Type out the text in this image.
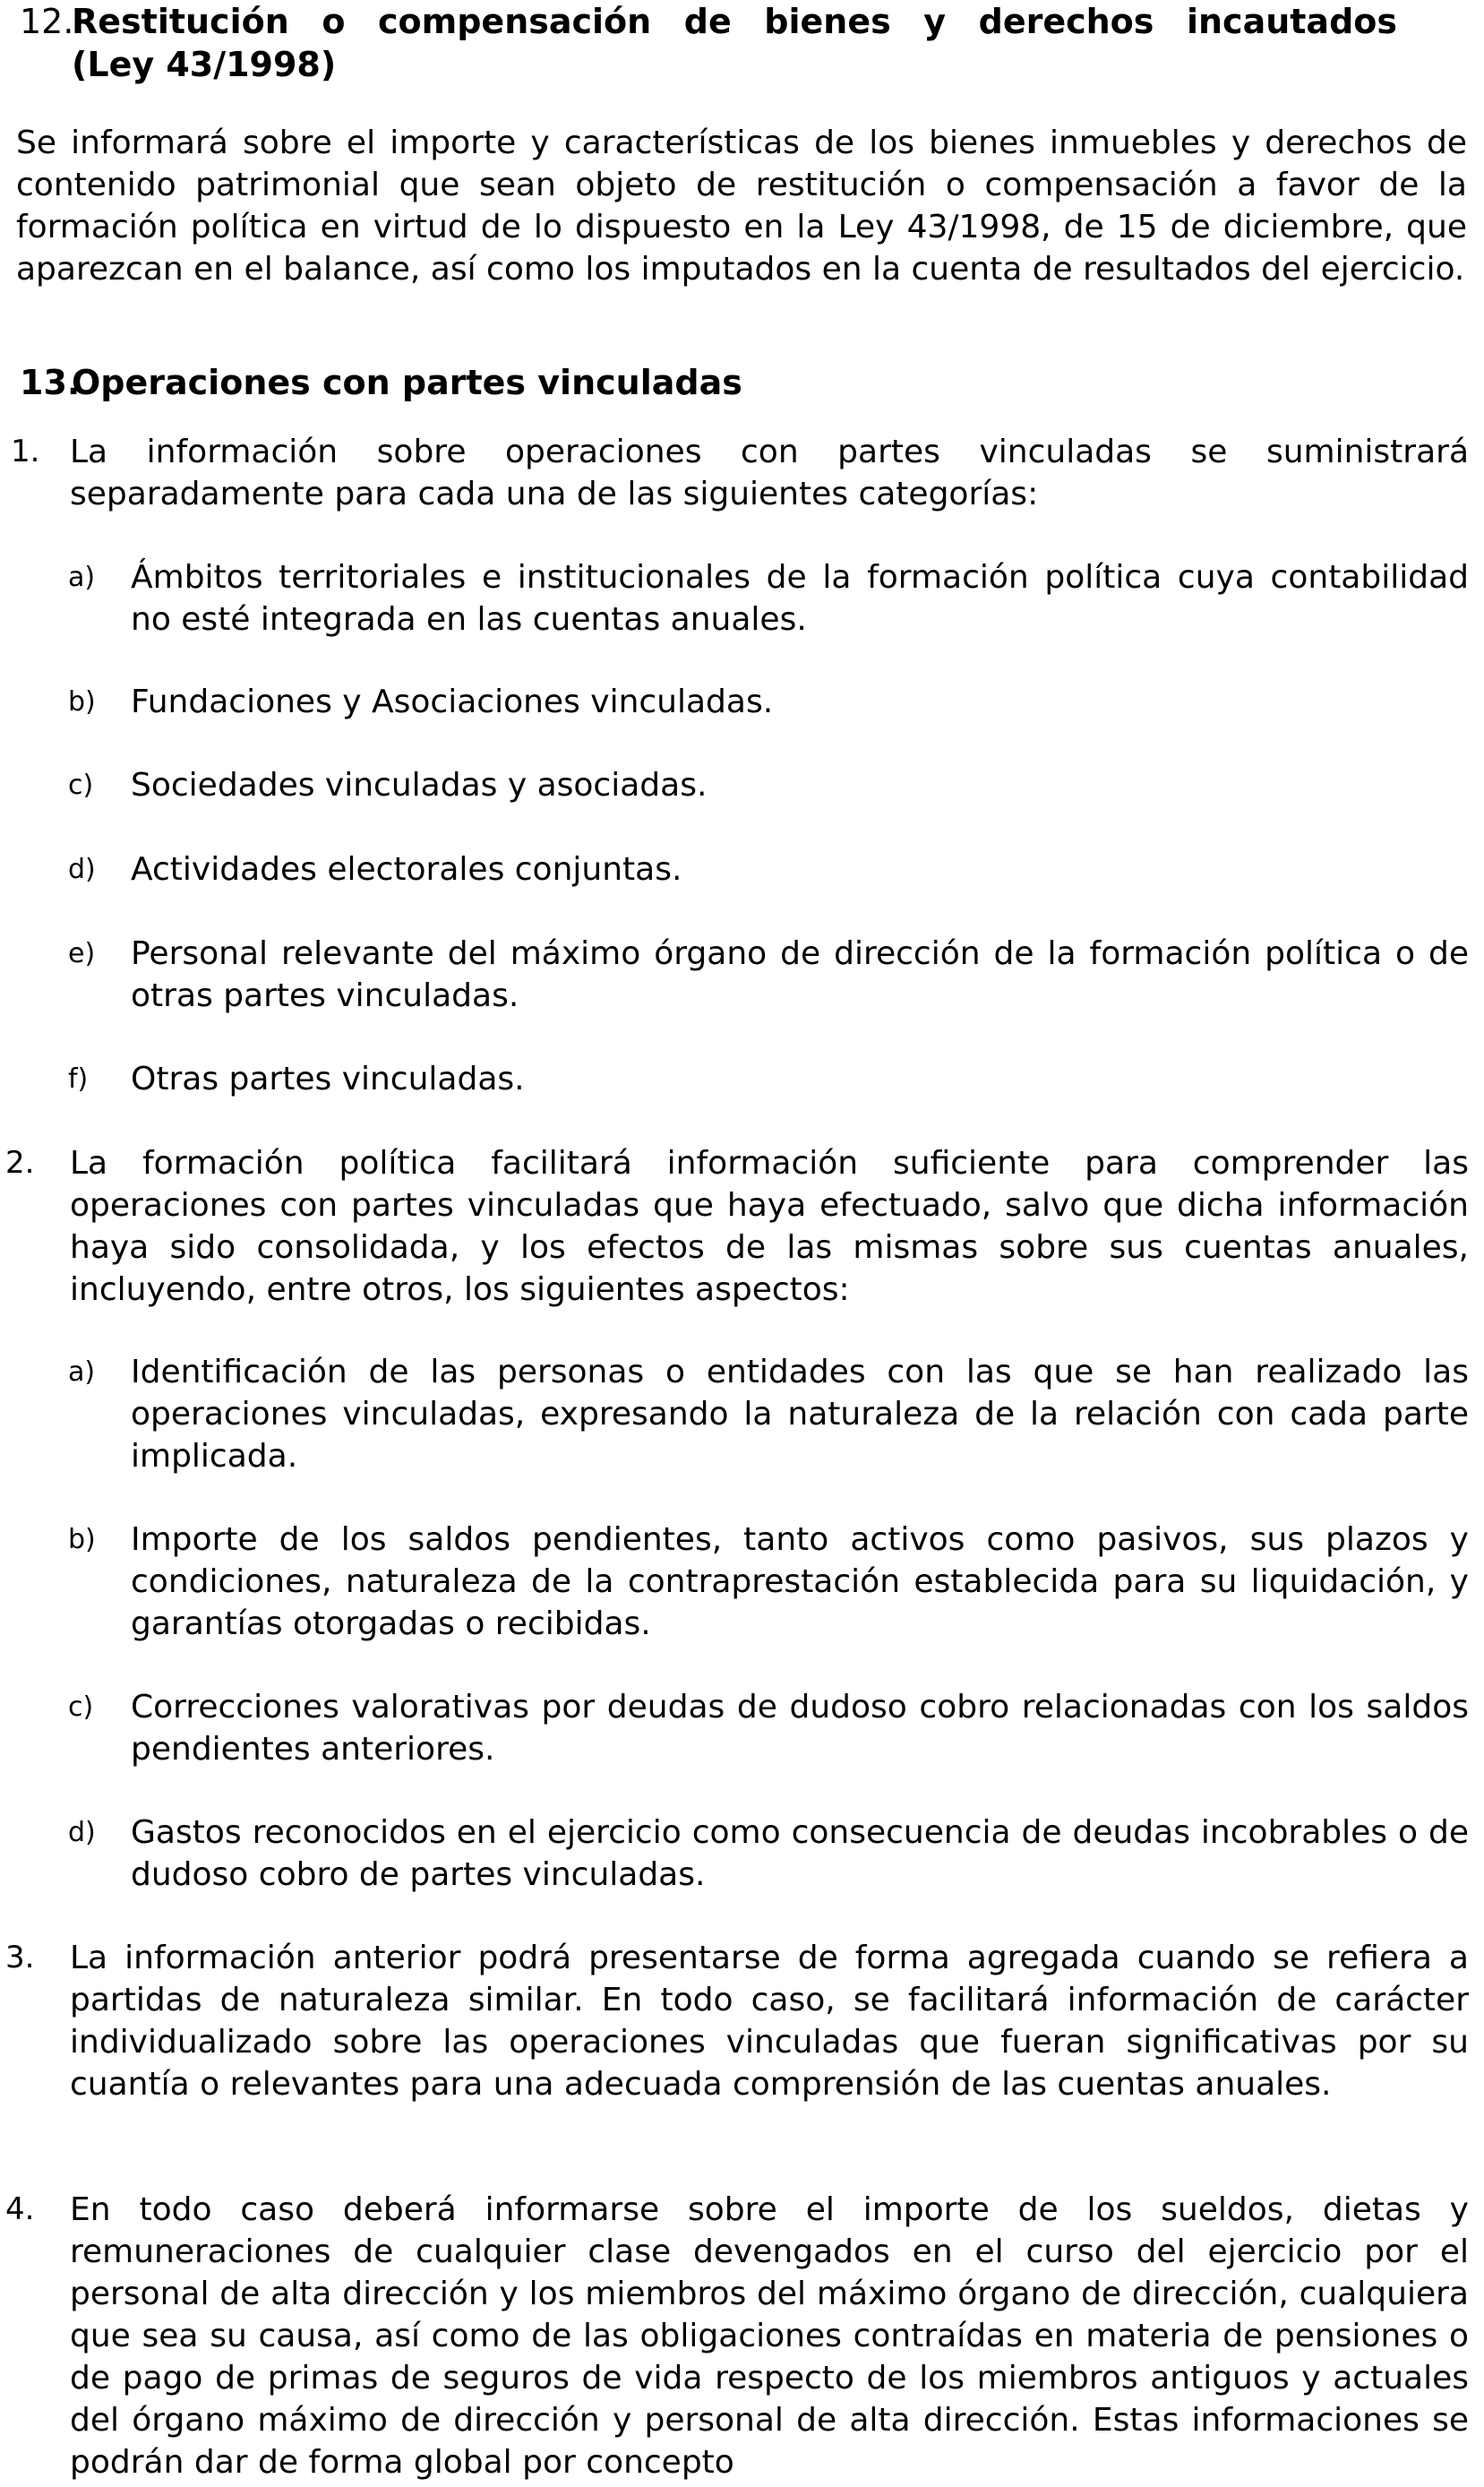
12.
Restitución o compensación de bienes y derechos incautados
(Ley 43/1998)
Se informará sobre el importe y características de los bienes inmuebles y derechos de contenido patrimonial que sean objeto de restitución o compensación a favor de la formación política en virtud de lo dispuesto en la Ley 43/1998, de 15 de diciembre, que aparezcan en el balance, así como los imputados en la cuenta de resultados del ejercicio.
13.
Operaciones con partes vinculadas
1. La información sobre operaciones con partes vinculadas se suministrará separadamente para cada una de las siguientes categorías:
a) Ámbitos territoriales e institucionales de la formación política cuya contabilidad no esté integrada en las cuentas anuales.
b) Fundaciones y Asociaciones vinculadas.
c) Sociedades vinculadas y asociadas.
d) Actividades electorales conjuntas.
e) Personal relevante del máximo órgano de dirección de la formación política o de otras partes vinculadas.
f) Otras partes vinculadas.
2. La formación política facilitará información suficiente para comprender las operaciones con partes vinculadas que haya efectuado, salvo que dicha información haya sido consolidada, y los efectos de las mismas sobre sus cuentas anuales, incluyendo, entre otros, los siguientes aspectos:
a) Identificación de las personas o entidades con las que se han realizado las operaciones vinculadas, expresando la naturaleza de la relación con cada parte implicada.
b) Importe de los saldos pendientes, tanto activos como pasivos, sus plazos y condiciones, naturaleza de la contraprestación establecida para su liquidación, y garantías otorgadas o recibidas.
c) Correcciones valorativas por deudas de dudoso cobro relacionadas con los saldos pendientes anteriores.
d) Gastos reconocidos en el ejercicio como consecuencia de deudas incobrables o de dudoso cobro de partes vinculadas.
3. La información anterior podrá presentarse de forma agregada cuando se refiera a partidas de naturaleza similar. En todo caso, se facilitará información de carácter individualizado sobre las operaciones vinculadas que fueran significativas por su cuantía o relevantes para una adecuada comprensión de las cuentas anuales.
4. En todo caso deberá informarse sobre el importe de los sueldos, dietas y remuneraciones de cualquier clase devengados en el curso del ejercicio por el personal de alta dirección y los miembros del máximo órgano de dirección, cualquiera que sea su causa, así como de las obligaciones contraídas en materia de pensiones o de pago de primas de seguros de vida respecto de los miembros antiguos y actuales del órgano máximo de dirección y personal de alta dirección. Estas informaciones se podrán dar de forma global por concepto
